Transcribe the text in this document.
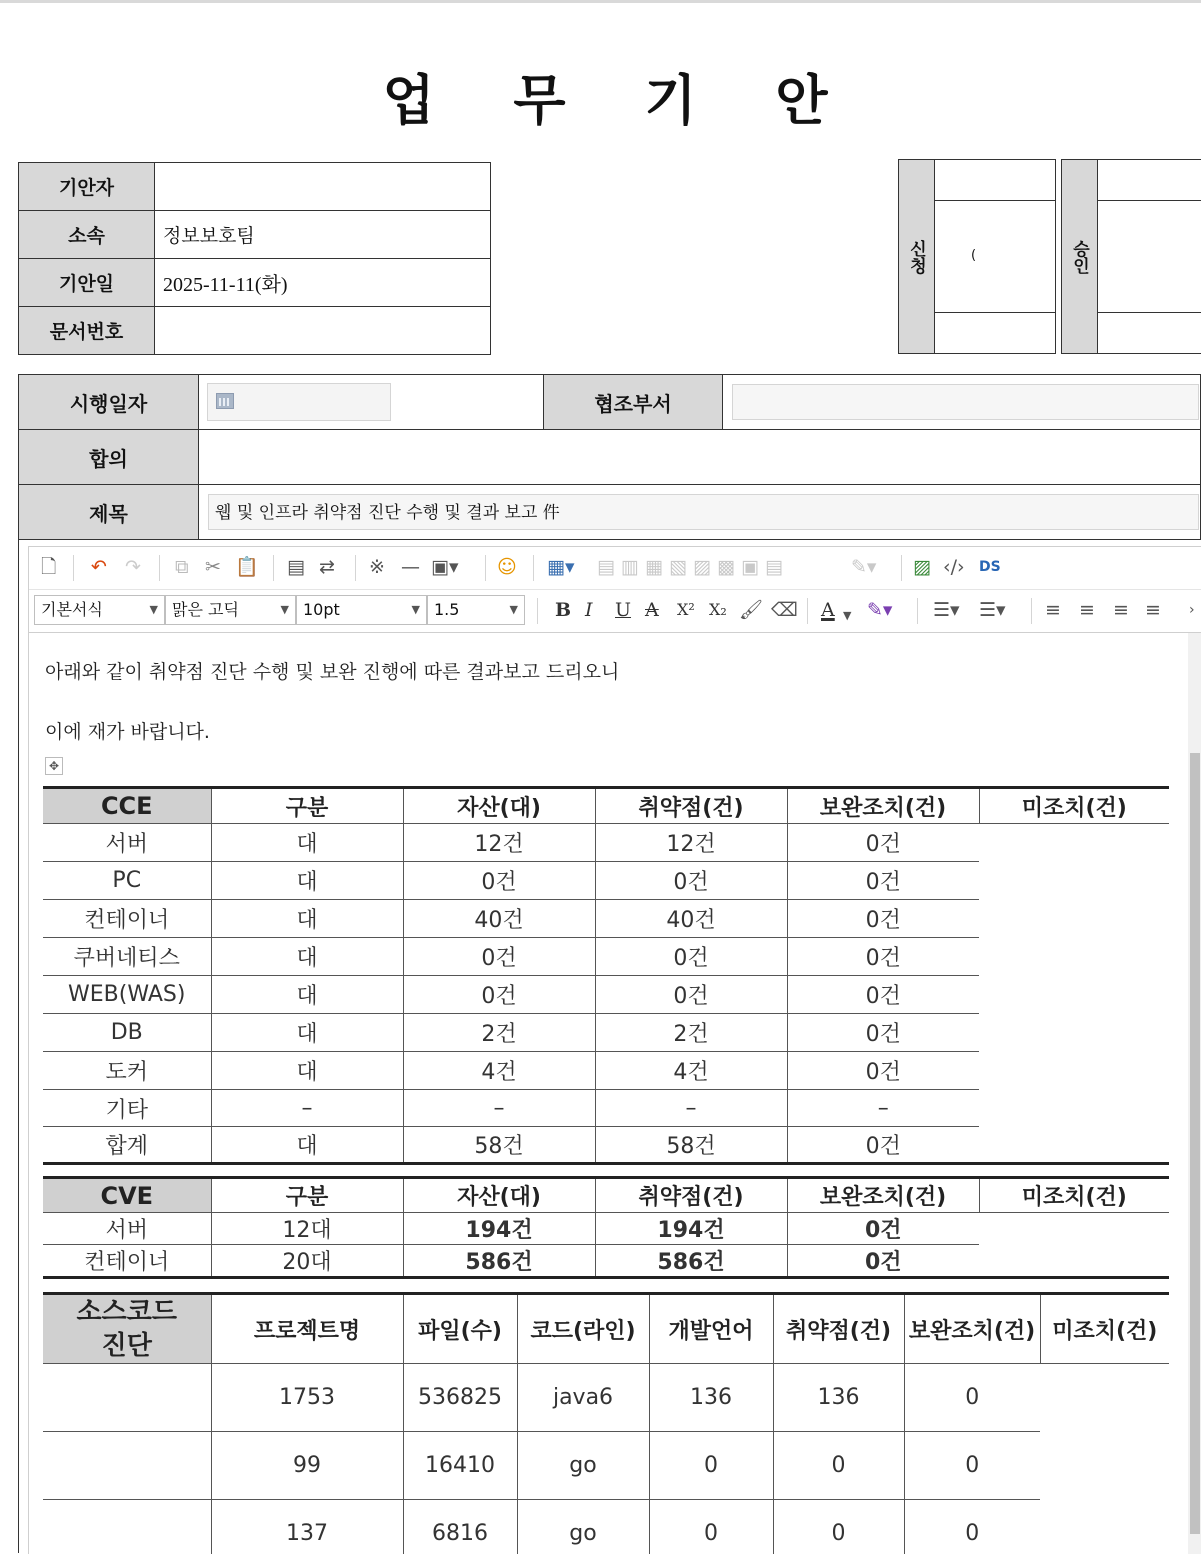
업 무 기 안
기안자	
소속	정보보호팀
기안일	2025-11-11(화)
문서번호	
신청	(	승인
시행일자		협조부서	

합의			
제목	웹 및 인프라 취약점 진단 수행 및 결과 보고 件		
🗋 ↶ ↷ ⧉ ✂ 📋 ▤ ⇄ ※ — ▣▾ ☺ ▦▾ ▤ ▥ ▦ ▧ ▨ ▩ ▣ ▤	✎▾ ▨ ‹/› DS
기본서식	▼ 맑은 고딕	▼ 10pt	▼ 1.5	▼ B I U A X² X₂ 🖌 ⌫ A ▼ ✎▾ ☰▾ ☰▾ ≡ ≡ ≡ ≡ ›
아래와 같이 취약점 진단 수행 및 보완 진행에 따른 결과보고 드리오니
이에 재가 바랍니다.
✥
CCE	구분	자산(대)	취약점(건)	보완조치(건)	미조치(건)
서버	대	12건	12건	0건	
PC	대	0건	0건	0건	
컨테이너	대	40건	40건	0건	
쿠버네티스	대	0건	0건	0건	
WEB(WAS)	대	0건	0건	0건	
DB	대	2건	2건	0건	
도커	대	4건	4건	0건	
기타	–	–	–	–	
합계	대	58건	58건	0건	
CVE	구분	자산(대)	취약점(건)	보완조치(건)	미조치(건)
서버	12대	194건	194건	0건	
컨테이너	20대	586건	586건	0건	
소스코드
진단	프로젝트명	파일(수)	코드(라인)	개발언어	취약점(건)	보완조치(건)	미조치(건)
	1753	536825	java6	136	136	0	
	99	16410	go	0	0	0	
	137	6816	go	0	0	0	
